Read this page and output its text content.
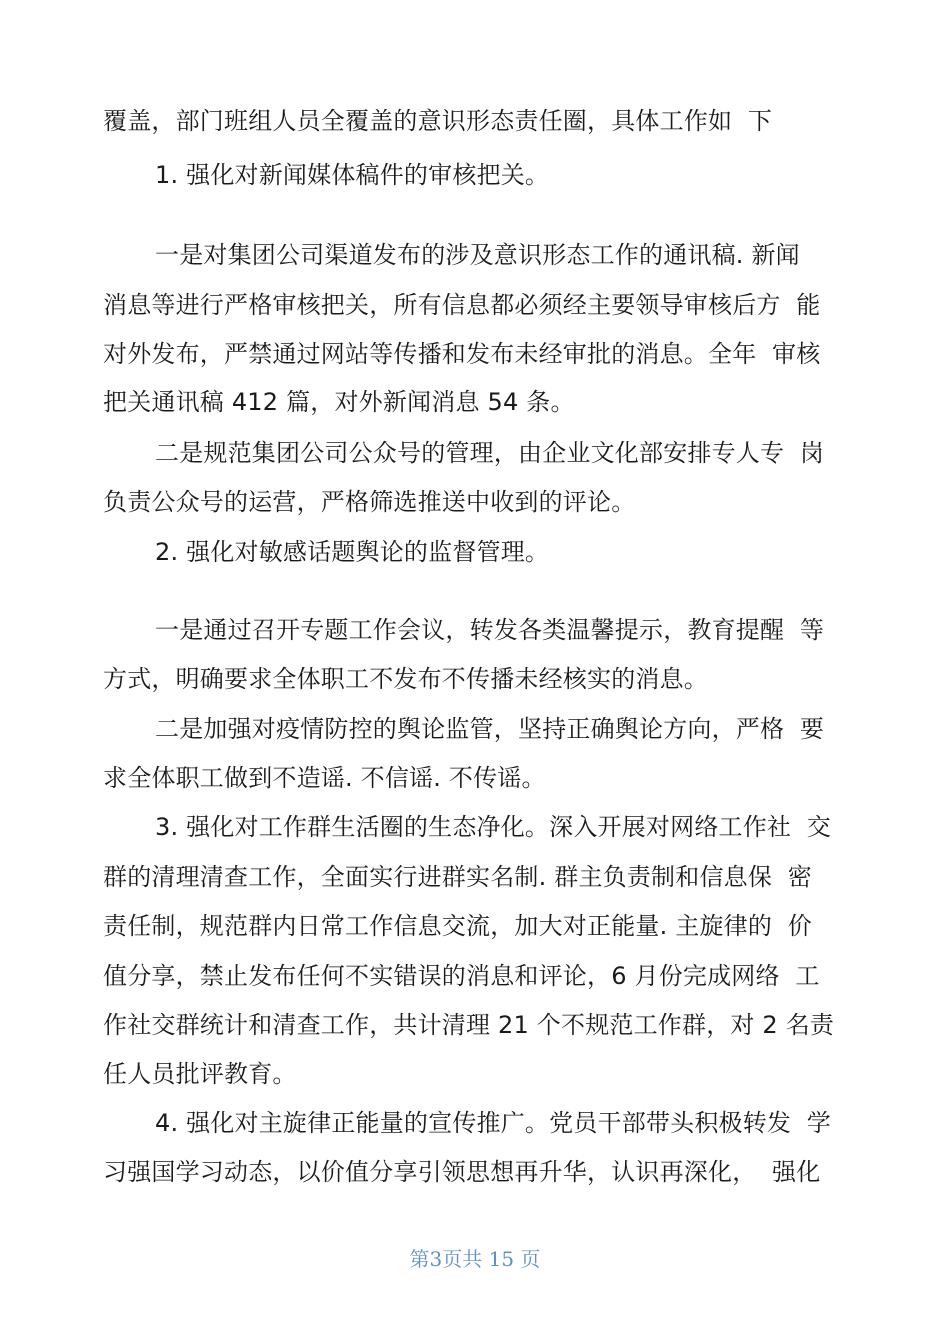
覆盖，部门班组人员全覆盖的意识形态责任圈，具体工作如  下
1. 强化对新闻媒体稿件的审核把关。
一是对集团公司渠道发布的涉及意识形态工作的通讯稿. 新闻
消息等进行严格审核把关，所有信息都必须经主要领导审核后方  能
对外发布，严禁通过网站等传播和发布未经审批的消息。全年  审核
把关通讯稿 412 篇，对外新闻消息 54 条。
二是规范集团公司公众号的管理，由企业文化部安排专人专  岗
负责公众号的运营，严格筛选推送中收到的评论。
2. 强化对敏感话题舆论的监督管理。
一是通过召开专题工作会议，转发各类温馨提示，教育提醒  等
方式，明确要求全体职工不发布不传播未经核实的消息。
二是加强对疫情防控的舆论监管，坚持正确舆论方向，严格  要
求全体职工做到不造谣. 不信谣. 不传谣。
3. 强化对工作群生活圈的生态净化。深入开展对网络工作社  交
群的清理清查工作，全面实行进群实名制. 群主负责制和信息保  密
责任制，规范群内日常工作信息交流，加大对正能量. 主旋律的  价
值分享，禁止发布任何不实错误的消息和评论，6 月份完成网络  工
作社交群统计和清查工作，共计清理 21 个不规范工作群，对 2 名责
任人员批评教育。
4. 强化对主旋律正能量的宣传推广。党员干部带头积极转发  学
习强国学习动态，以价值分享引领思想再升华，认识再深化，  强化
第3页共 15 页
